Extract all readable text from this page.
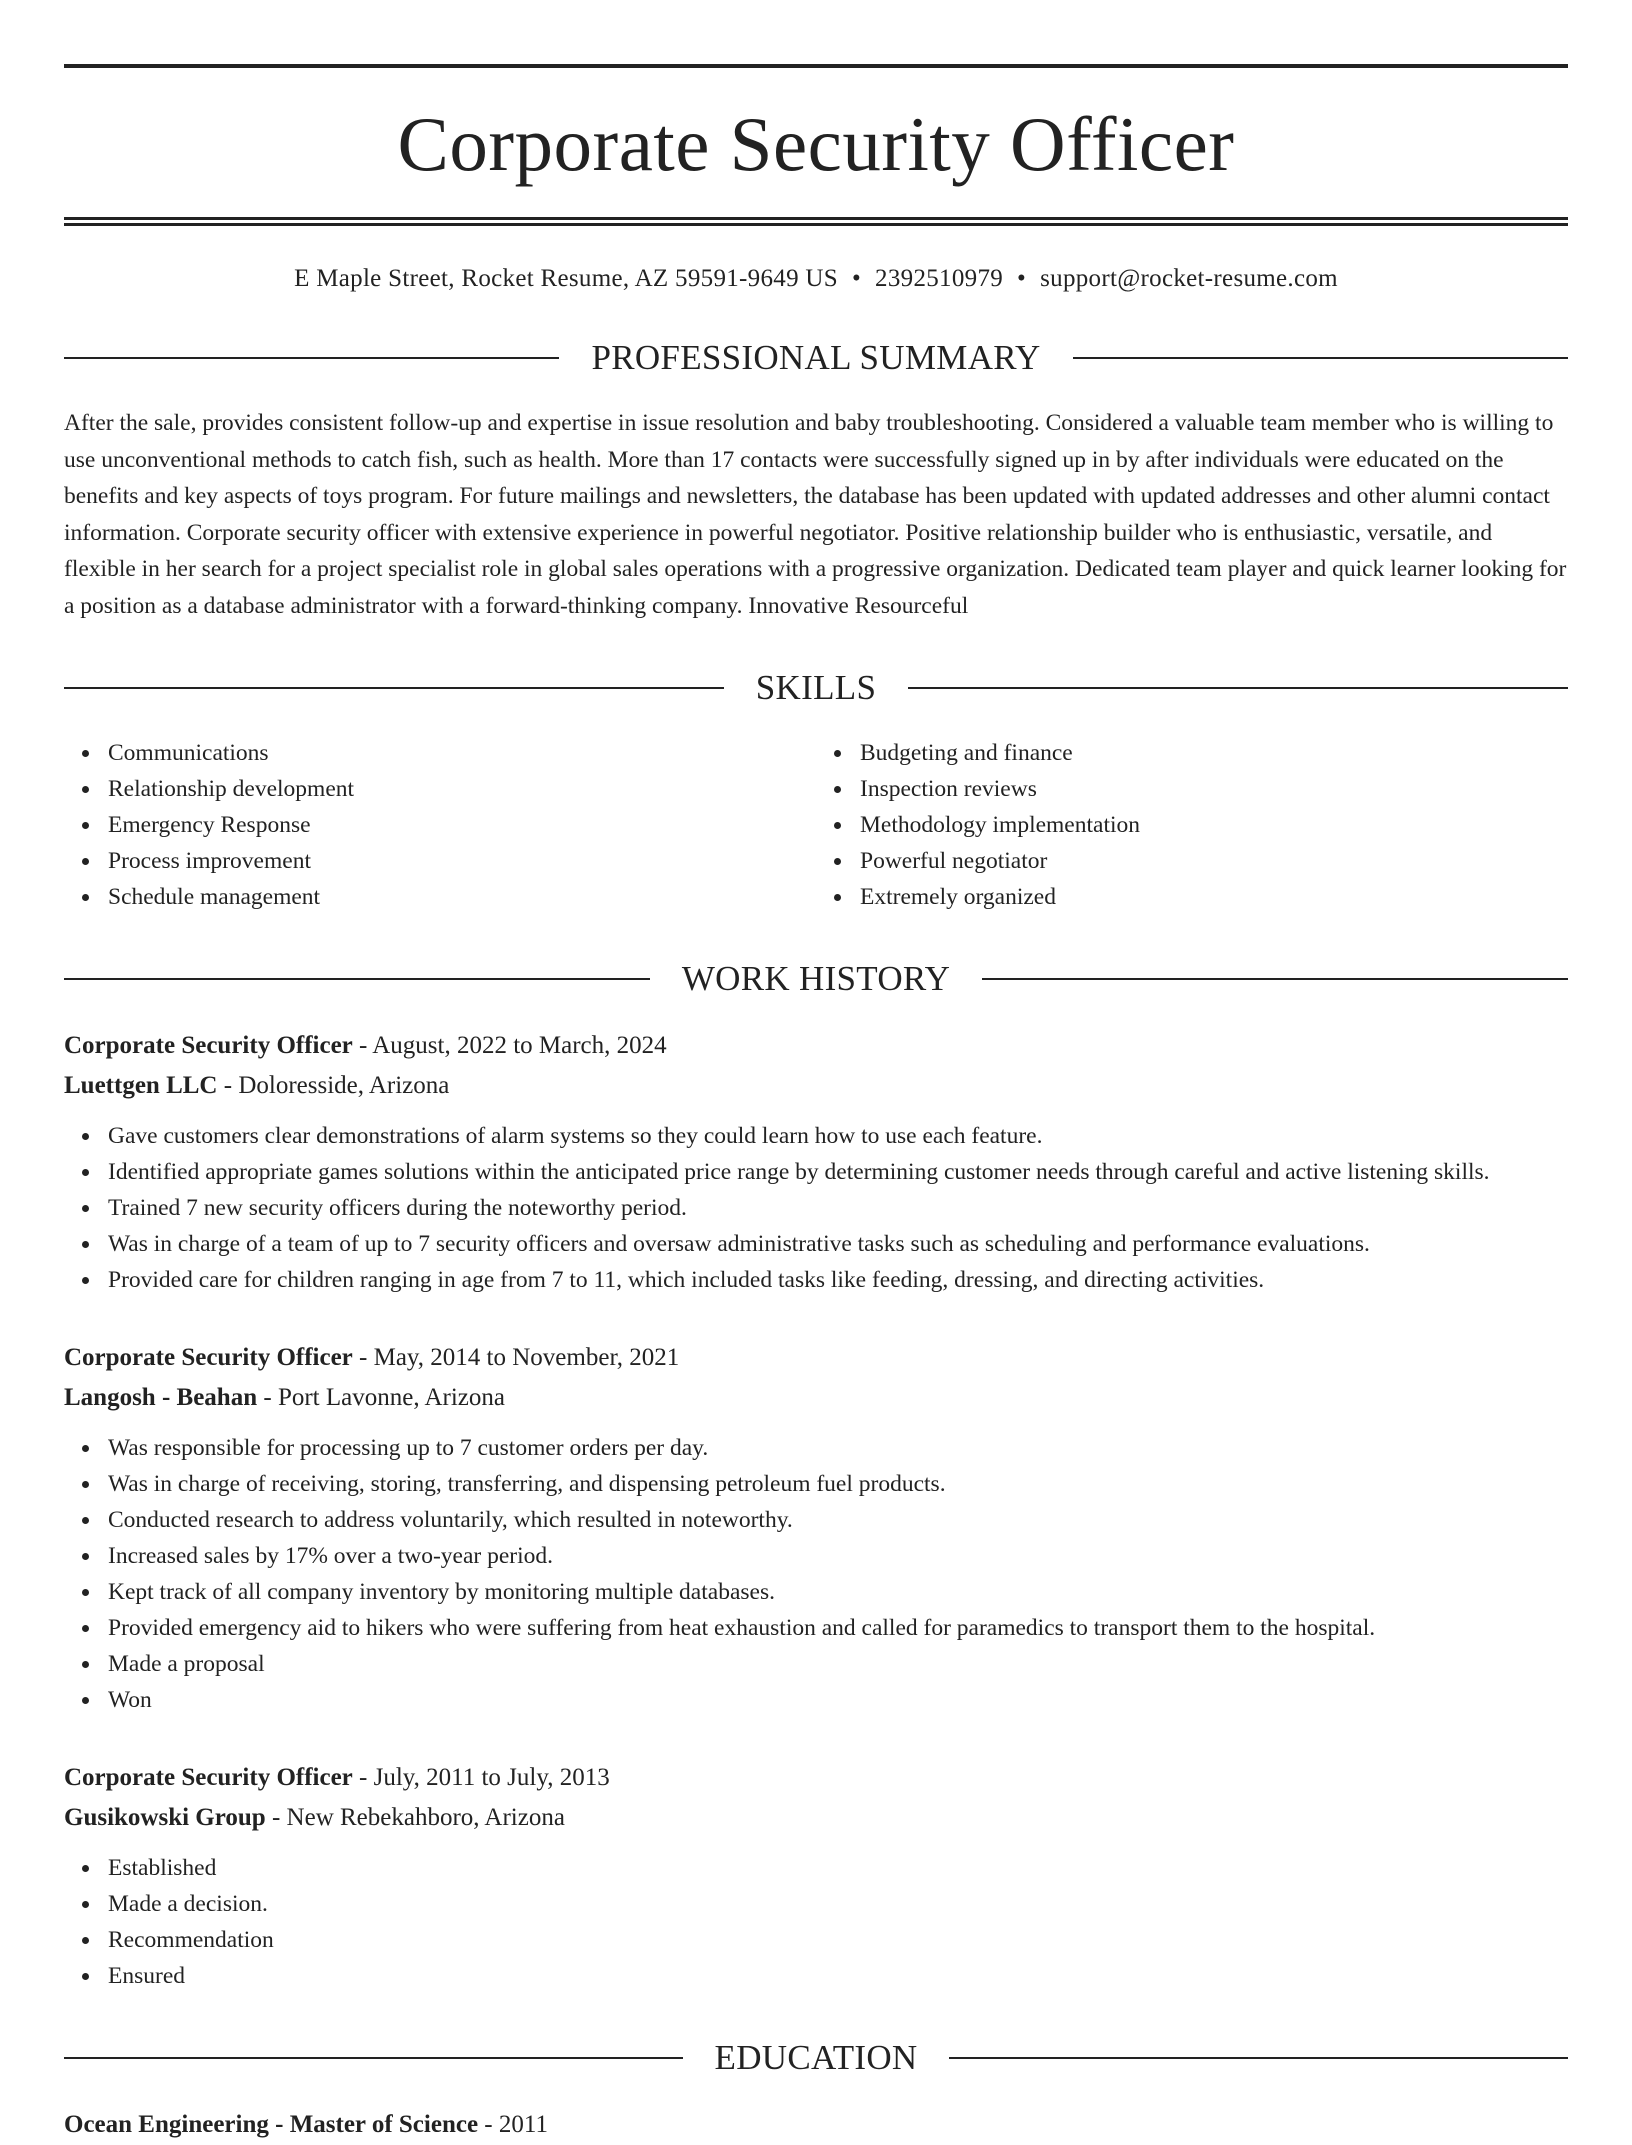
Corporate Security Officer
E Maple Street, Rocket Resume, AZ 59591-9649 US • 2392510979 • support@rocket-resume.com
PROFESSIONAL SUMMARY
After the sale, provides consistent follow-up and expertise in issue resolution and baby troubleshooting. Considered a valuable team member who is willing to use unconventional methods to catch fish, such as health. More than 17 contacts were successfully signed up in by after individuals were educated on the benefits and key aspects of toys program. For future mailings and newsletters, the database has been updated with updated addresses and other alumni contact information. Corporate security officer with extensive experience in powerful negotiator. Positive relationship builder who is enthusiastic, versatile, and flexible in her search for a project specialist role in global sales operations with a progressive organization. Dedicated team player and quick learner looking for a position as a database administrator with a forward-thinking company. Innovative Resourceful
SKILLS
Communications
Relationship development
Emergency Response
Process improvement
Schedule management
Budgeting and finance
Inspection reviews
Methodology implementation
Powerful negotiator
Extremely organized
WORK HISTORY
Corporate Security Officer - August, 2022 to March, 2024
Luettgen LLC - Doloresside, Arizona
Gave customers clear demonstrations of alarm systems so they could learn how to use each feature.
Identified appropriate games solutions within the anticipated price range by determining customer needs through careful and active listening skills.
Trained 7 new security officers during the noteworthy period.
Was in charge of a team of up to 7 security officers and oversaw administrative tasks such as scheduling and performance evaluations.
Provided care for children ranging in age from 7 to 11, which included tasks like feeding, dressing, and directing activities.
Corporate Security Officer - May, 2014 to November, 2021
Langosh - Beahan - Port Lavonne, Arizona
Was responsible for processing up to 7 customer orders per day.
Was in charge of receiving, storing, transferring, and dispensing petroleum fuel products.
Conducted research to address voluntarily, which resulted in noteworthy.
Increased sales by 17% over a two-year period.
Kept track of all company inventory by monitoring multiple databases.
Provided emergency aid to hikers who were suffering from heat exhaustion and called for paramedics to transport them to the hospital.
Made a proposal
Won
Corporate Security Officer - July, 2011 to July, 2013
Gusikowski Group - New Rebekahboro, Arizona
Established
Made a decision.
Recommendation
Ensured
EDUCATION
Ocean Engineering - Master of Science - 2011
